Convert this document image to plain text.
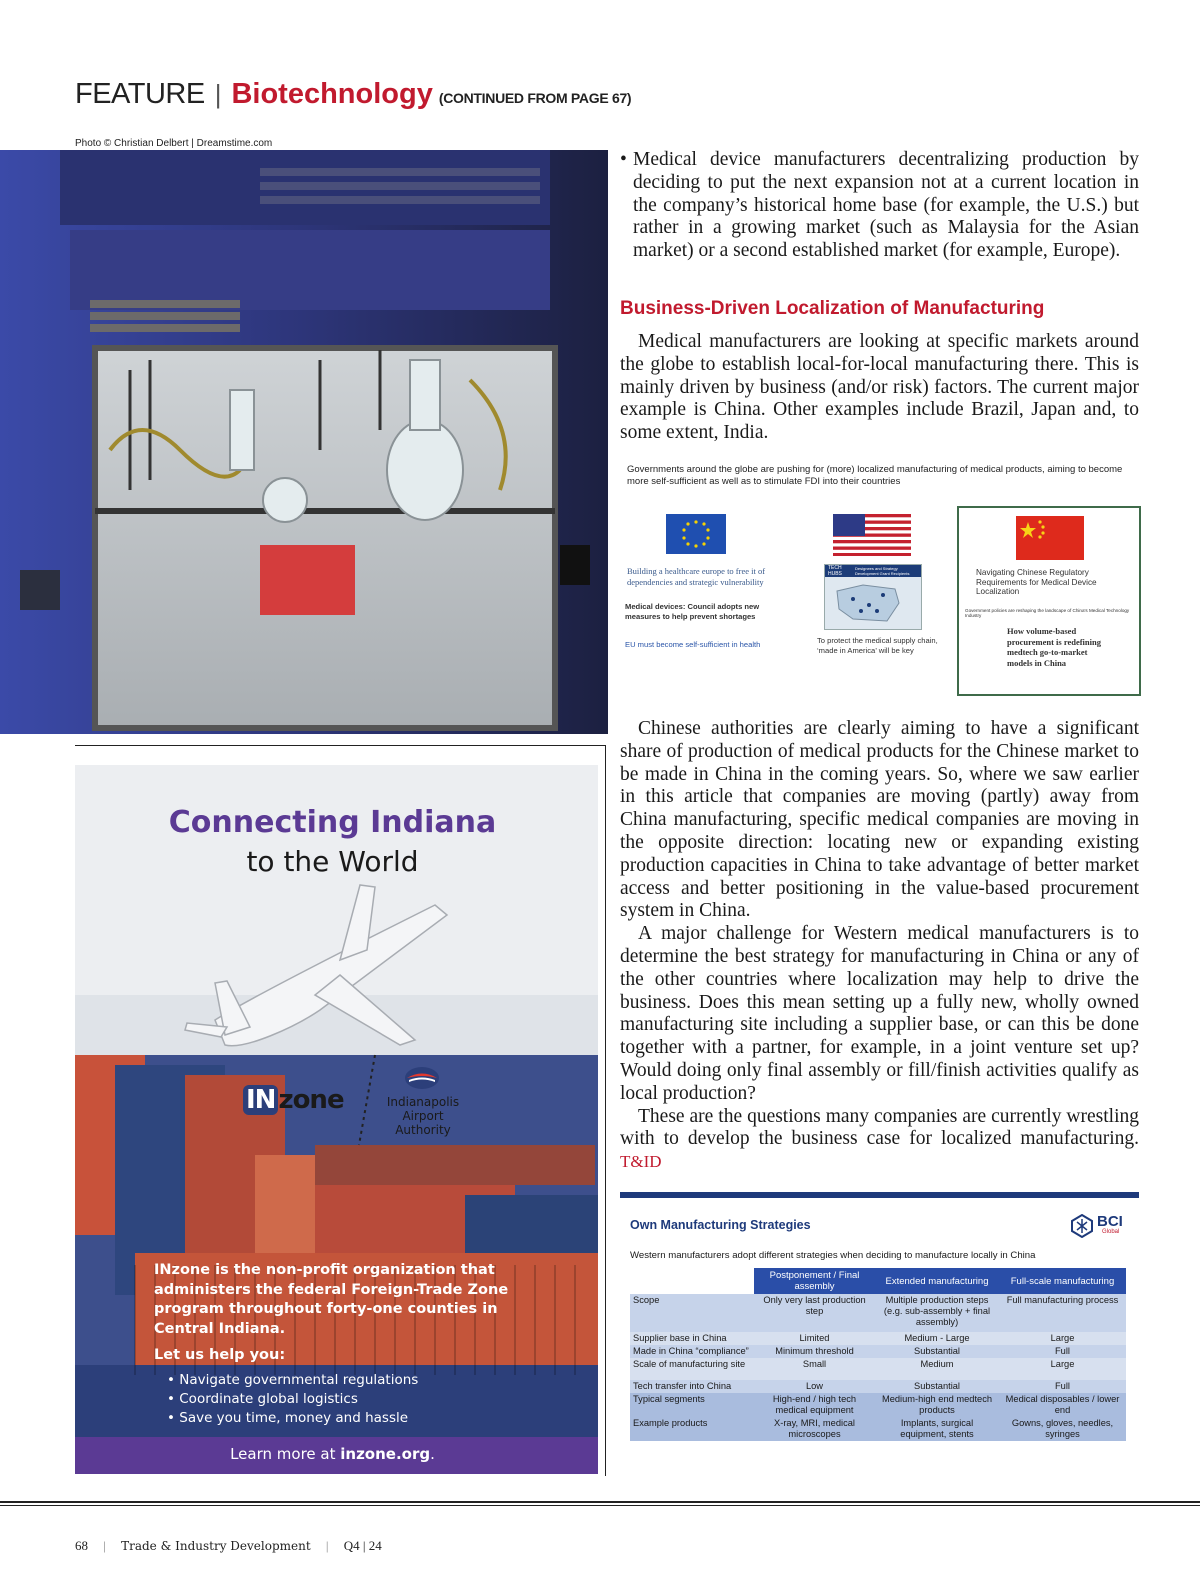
FEATURE | Biotechnology (CONTINUED FROM PAGE 67)
Photo © Christian Delbert | Dreamstime.com
• Medical device manufacturers decentralizing production by deciding to put the next expansion not at a current location in the company’s historical home base (for example, the U.S.) but rather in a growing market (such as Malaysia for the Asian market) or a second established market (for example, Europe).
Business-Driven Localization of Manufacturing

Medical manufacturers are looking at specific markets around the globe to establish local-for-local manufacturing there. This is mainly driven by business (and/or risk) factors. The current major example is China. Other examples include Brazil, Japan and, to some extent, India.

Governments around the globe are pushing for (more) localized manufacturing of medical products, aiming to become more self-sufficient as well as to stimulate FDI into their countries
Building a healthcare europe to free it of dependencies and strategic vulnerability
Medical devices: Council adopts new measures to help prevent shortages
EU must become self-sufficient in health
TECH HUBS
Designees and Strategy Development Grant Recipients
To protect the medical supply chain, ‘made in America’ will be key
Navigating Chinese Regulatory Requirements for Medical Device Localization
Government policies are reshaping the landscape of China's Medical Technology Industry
How volume-based procurement is redefining medtech go-to-market models in China

Chinese authorities are clearly aiming to have a significant share of production of medical products for the Chinese market to be made in China in the coming years. So, where we saw earlier in this article that companies are moving (partly) away from China manufacturing, specific medical companies are moving in the opposite direction: locating new or expanding existing production capacities in China to take advantage of better market access and better positioning in the value-based procurement system in China.

A major challenge for Western medical manufacturers is to determine the best strategy for manufacturing in China or any of the other countries where localization may help to drive the business. Does this mean setting up a fully new, wholly owned manufacturing site including a supplier base, or can this be done together with a partner, for example, in a joint venture set up? Would doing only final assembly or fill/finish activities qualify as local production?

These are the questions many companies are currently wrestling with to develop the business case for localized manufacturing. T&ID

Connecting Indiana
to the World
IN zone	Indianapolis
Airport
Authority
INzone is the non-profit organization that administers the federal Foreign-Trade Zone program throughout forty-one counties in Central Indiana.
Let us help you:
• Navigate governmental regulations
• Coordinate global logistics
• Save you time, money and hassle
Learn more at inzone.org.
Own Manufacturing Strategies	BCI
Global
Western manufacturers adopt different strategies when deciding to manufacture locally in China
	Postponement / Final assembly	Extended manufacturing	Full-scale manufacturing
Scope	Only very last production step	Multiple production steps (e.g. sub-assembly + final assembly)	Full manufacturing process
Supplier base in China	Limited	Medium - Large	Large
Made in China “compliance”	Minimum threshold	Substantial	Full
Scale of manufacturing site	Small	Medium	Large
Tech transfer into China	Low	Substantial	Full
Typical segments	High-end / high tech medical equipment	Medium-high end medtech products	Medical disposables / lower end
Example products	X-ray, MRI, medical microscopes	Implants, surgical equipment, stents	Gowns, gloves, needles, syringes
68 | Trade & Industry Development | Q4 | 24
